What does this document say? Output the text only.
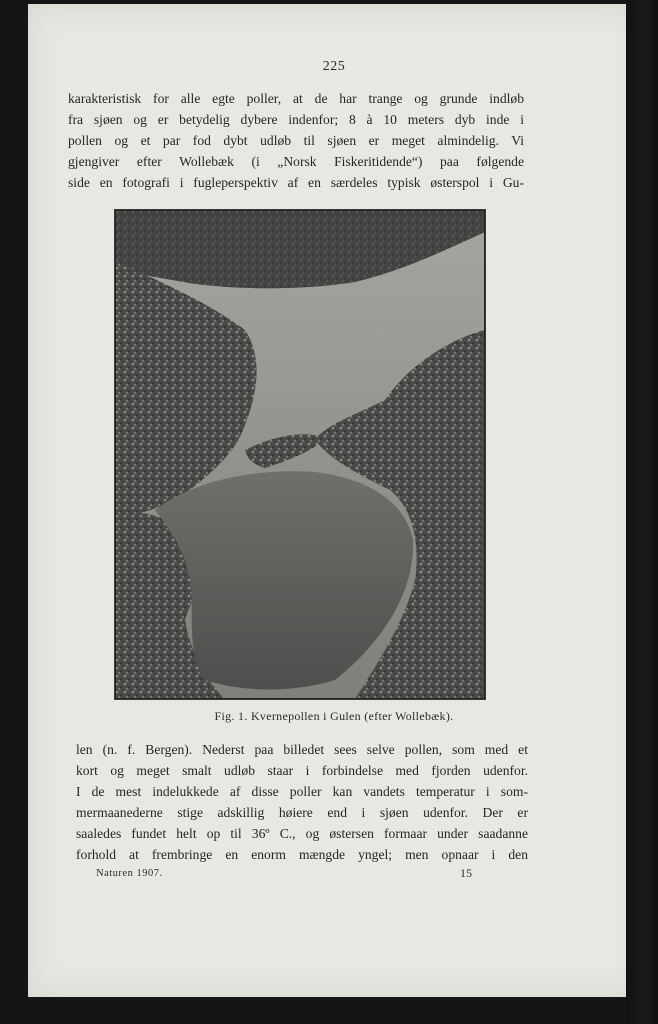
225
karakteristisk for alle egte poller, at de har trange og grunde indløb
fra sjøen og er betydelig dybere indenfor; 8 à 10 meters dyb inde i
pollen og et par fod dybt udløb til sjøen er meget almindelig. Vi
gjengiver efter Wollebæk (i „Norsk Fiskeritidende“) paa følgende
side en fotografi i fugleperspektiv af en særdeles typisk østerspol i Gu-
Fig. 1. Kvernepollen i Gulen (efter Wollebæk).
len (n. f. Bergen). Nederst paa billedet sees selve pollen, som med et
kort og meget smalt udløb staar i forbindelse med fjorden udenfor.
I de mest indelukkede af disse poller kan vandets temperatur i som-
mermaanederne stige adskillig høiere end i sjøen udenfor. Der er
saaledes fundet helt op til 36º C., og østersen formaar under saadanne
forhold at frembringe en enorm mængde yngel; men opnaar i den
Naturen 1907.	15
